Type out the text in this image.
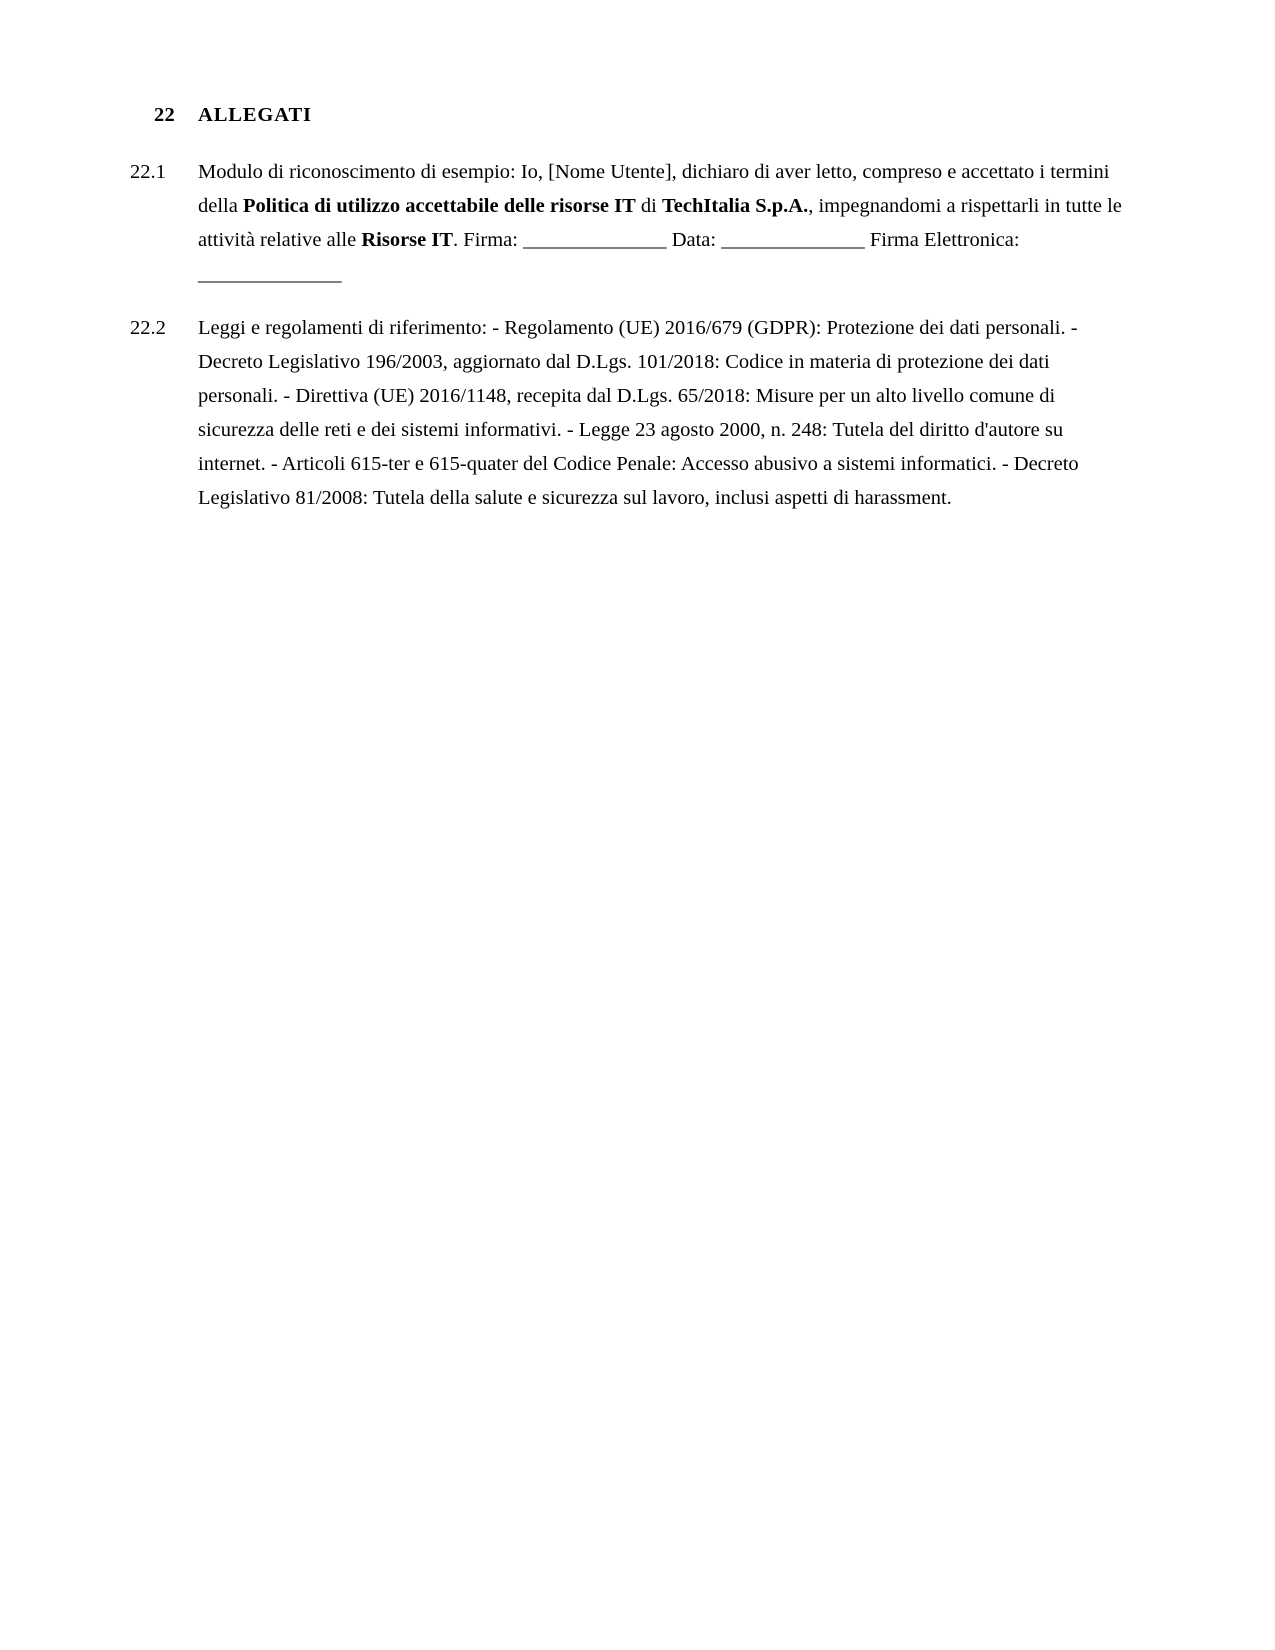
22	ALLEGATI
22.1	Modulo di riconoscimento di esempio: Io, [Nome Utente], dichiaro di aver letto, compreso e accettato i termini della Politica di utilizzo accettabile delle risorse IT di TechItalia S.p.A., impegnandomi a rispettarli in tutte le attività relative alle Risorse IT. Firma: ______________ Data: ______________ Firma Elettronica: ______________
22.2	Leggi e regolamenti di riferimento: - Regolamento (UE) 2016/679 (GDPR): Protezione dei dati personali. - Decreto Legislativo 196/2003, aggiornato dal D.Lgs. 101/2018: Codice in materia di protezione dei dati personali. - Direttiva (UE) 2016/1148, recepita dal D.Lgs. 65/2018: Misure per un alto livello comune di sicurezza delle reti e dei sistemi informativi. - Legge 23 agosto 2000, n. 248: Tutela del diritto d'autore su internet. - Articoli 615-ter e 615-quater del Codice Penale: Accesso abusivo a sistemi informatici. - Decreto Legislativo 81/2008: Tutela della salute e sicurezza sul lavoro, inclusi aspetti di harassment.
